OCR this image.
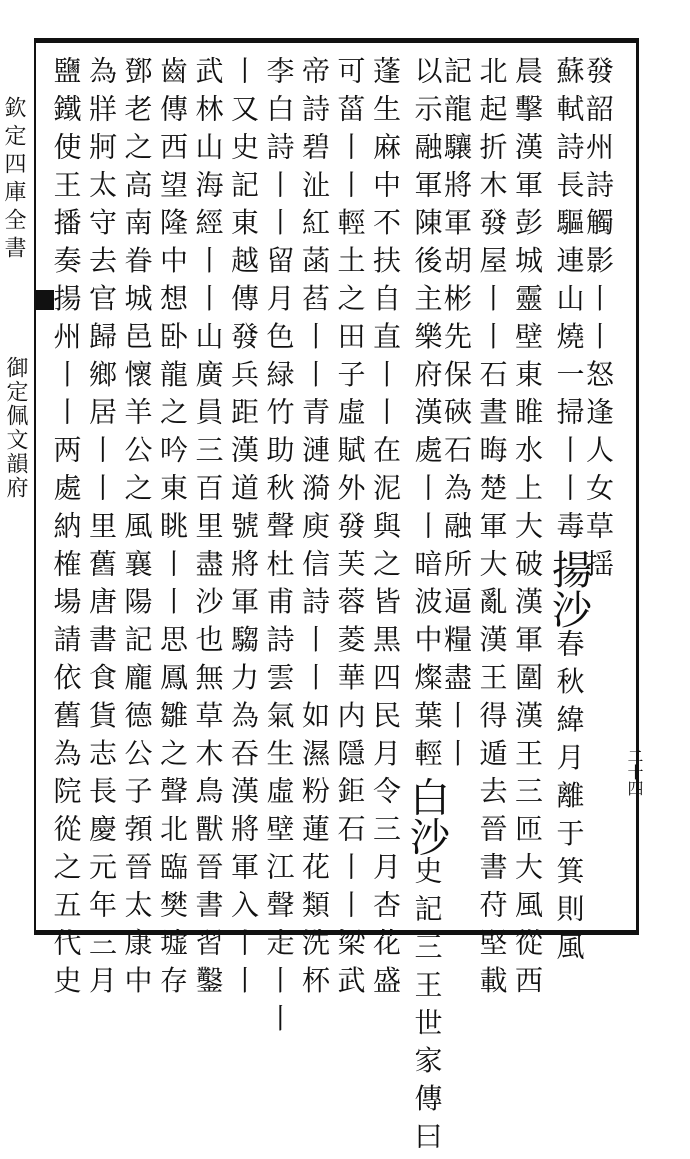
欽定四庫全書
御定佩文韻府
二十四
發韶州詩觸影丨丨怒逢人女草揺
蘇軾詩長驅連山燒一掃丨丨毒揚沙春秋緯月離于箕則風
晨擊漢軍彭城靈壁東睢水上大破漢軍圍漢王三匝大風從西
北起折木發屋丨丨石晝晦楚軍大亂漢王得遁去晉書苻堅載
記龍驤將軍胡彬先保硤石為融所逼糧盡丨丨
以示融軍陳後主樂府漢處丨丨暗波中燦葉輕白沙史記三王世家傳曰
蓬生麻中不扶自直丨丨在泥與之皆黒四民月令三月杏花盛
可菑丨丨輕土之田子虛賦外發芙蓉菱華内隱鉅石丨丨梁武
帝詩碧沚紅菡萏丨丨青漣漪庾信詩丨丨如濕粉蓮花類洗杯
李白詩丨丨留月色緑竹助秋聲杜甫詩雲氣生虛壁江聲走丨丨
丨又史記東越傳發兵距漢道號將軍騶力為吞漢將軍入丨丨
武林山海經丨丨山廣員三百里盡沙也無草木鳥獸晉書習鑿
齒傳西望隆中想卧龍之吟東眺丨丨思鳳雛之聲北臨樊墟存
鄧老之高南眷城邑懷羊公之風襄陽記龐德公子𩓐晉太康中
為牂牁太守去官歸鄉居丨丨里舊唐書食貨志長慶元年三月
鹽鐵使王播奏揚州丨丨两處納榷場請依舊為院從之五代史
